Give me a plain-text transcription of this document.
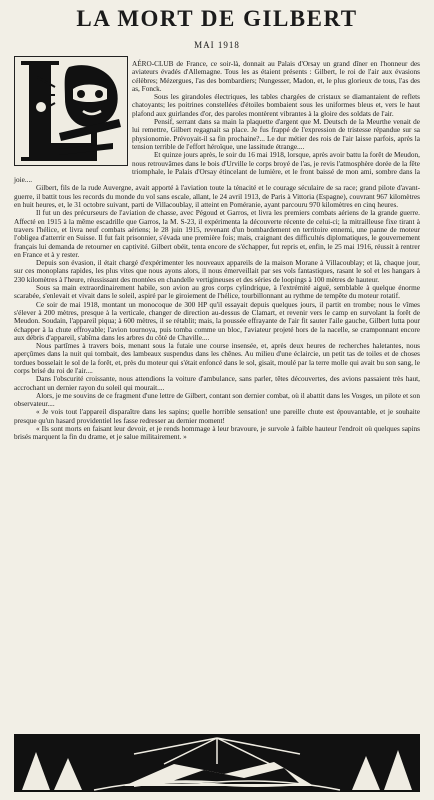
LA MORT DE GILBERT
MAI 1918

AÉRO-CLUB de France, ce soir-là, donnait au Palais d'Orsay un grand dîner en l'honneur des aviateurs évadés d'Allemagne. Tous les as étaient présents : Gilbert, le roi de l'air aux évasions célèbres; Mézergues, l'as des bombardiers; Nungesser, Madon, et, le plus glorieux de tous, l'as des as, Fonck.

Sous les girandoles électriques, les tables chargées de cristaux se diamantaient de reflets chatoyants; les poitrines constellées d'étoiles bombaient sous les uniformes bleus et, vers le haut plafond aux guirlandes d'or, des paroles montèrent vibrantes à la gloire des soldats de l'air.

Pensif, serrant dans sa main la plaquette d'argent que M. Deutsch de la Meurthe venait de lui remettre, Gilbert regagnait sa place. Je fus frappé de l'expression de tristesse répandue sur sa physionomie. Prévoyait-il sa fin prochaine?... Le dur métier des rois de l'air laisse parfois, après la tension terrible de l'effort héroïque, une lassitude étrange....

Et quinze jours après, le soir du 16 mai 1918, lorsque, après avoir battu la forêt de Meudon, nous retrouvâmes dans le bois d'Urville le corps broyé de l'as, je revis l'atmosphère dorée de la fête triomphale, le Palais d'Orsay étincelant de lumière, et le front baissé de mon ami, sombre dans la joie....

Gilbert, fils de la rude Auvergne, avait apporté à l'aviation toute la ténacité et le courage séculaire de sa race; grand pilote d'avant-guerre, il battit tous les records du monde du vol sans escale, allant, le 24 avril 1913, de Paris à Vittoria (Espagne), couvrant 967 kilomètres en huit heures, et, le 31 octobre suivant, parti de Villacoublay, il atteint en Poméranie, ayant parcouru 970 kilomètres en cinq heures.

Il fut un des précurseurs de l'aviation de chasse, avec Pégoud et Garros, et livra les premiers combats aériens de la grande guerre. Affecté en 1915 à la même escadrille que Garros, la M. S-23, il expérimenta la découverte récente de celui-ci; la mitrailleuse fixe tirant à travers l'hélice, et livra neuf combats aériens; le 28 juin 1915, revenant d'un bombardement en territoire ennemi, une panne de moteur l'obligea d'atterrir en Suisse. Il fut fait prisonnier, s'évada une première fois; mais, craignant des difficultés diplomatiques, le gouvernement français lui demanda de retourner en captivité. Gilbert obéit, tenta encore de s'échapper, fut repris et, enfin, le 25 mai 1916, réussit à rentrer en France et à y rester.

Depuis son évasion, il était chargé d'expérimenter les nouveaux appareils de la maison Morane à Villacoublay; et là, chaque jour, sur ces monoplans rapides, les plus vites que nous ayons alors, il nous émerveillait par ses vols fantastiques, rasant le sol et les hangars à 230 kilomètres à l'heure, réussissant des montées en chandelle vertigineuses et des séries de loopings à 100 mètres de hauteur.

Sous sa main extraordinairement habile, son avion au gros corps cylindrique, à l'extrémité aiguë, semblable à quelque énorme scarabée, s'enlevait et vivait dans le soleil, aspiré par le giroiement de l'hélice, tourbillonnant au rythme de tempête du moteur rotatif.

Ce soir de mai 1918, montant un monocoque de 300 HP qu'il essayait depuis quelques jours, il partit en trombe; nous le vîmes s'élever à 200 mètres, presque à la verticale, changer de direction au-dessus de Clamart, et revenir vers le camp en survolant la forêt de Meudon. Soudain, l'appareil piqua; à 600 mètres, il se rétablit; mais, la poussée effrayante de l'air fit sauter l'aile gauche, Gilbert lutta pour échapper à la chute effroyable; l'avion tournoya, puis tomba comme un bloc, l'aviateur projeté hors de la nacelle, se cramponnant encore aux débris d'appareil, s'abîma dans les arbres du côté de Chaville....

Nous partîmes à travers bois, menant sous la futaie une course insensée, et, après deux heures de recherches haletantes, nous aperçûmes dans la nuit qui tombait, des lambeaux suspendus dans les chênes. Au milieu d'une éclaircie, un petit tas de toiles et de choses tordues bosselait le sol de la forêt, et, près du moteur qui s'était enfoncé dans le sol, gisait, moulé par la terre molle qui avait bu son sang, le corps brisé du roi de l'air....

Dans l'obscurité croissante, nous attendions la voiture d'ambulance, sans parler, têtes découvertes, des avions passaient très haut, accrochant un dernier rayon du soleil qui mourait....

Alors, je me souvins de ce fragment d'une lettre de Gilbert, contant son dernier combat, où il abattit dans les Vosges, un pilote et son observateur....

« Je vois tout l'appareil disparaître dans les sapins; quelle horrible sensation! une pareille chute est épouvantable, et je souhaite presque qu'un hasard providentiel les fasse redresser au dernier moment!

« Ils sont morts en faisant leur devoir, et je rends hommage à leur bravoure, je survole à faible hauteur l'endroit où quelques sapins brisés marquent la fin du drame, et je salue militairement. »
